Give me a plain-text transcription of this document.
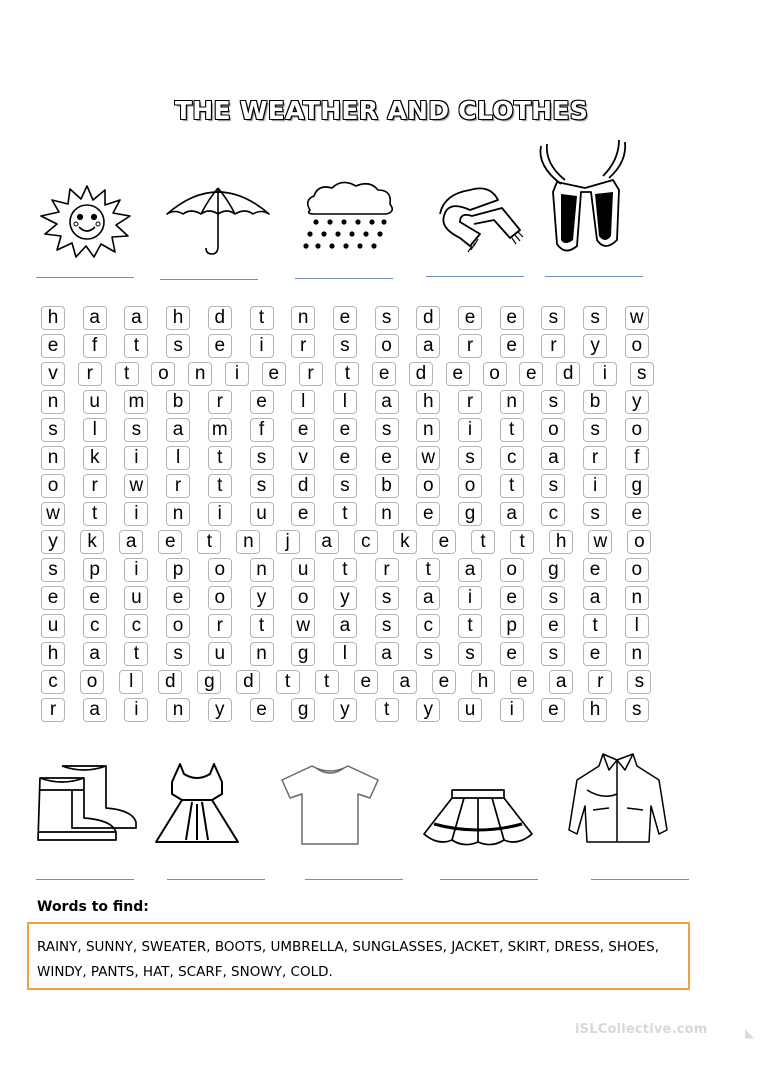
THE WEATHER AND CLOTHES
h	a	a	h	d	t	n	e	s	d	e	e	s	s	w
e	f	t	s	e	i	r	s	o	a	r	e	r	y	o
v	r	t	o	n	i	e	r	t	e	d	e	o	e	d	i	s
n	u	m	b	r	e	l	l	a	h	r	n	s	b	y
s	l	s	a	m	f	e	e	s	n	i	t	o	s	o
n	k	i	l	t	s	v	e	e	w	s	c	a	r	f
o	r	w	r	t	s	d	s	b	o	o	t	s	i	g
w	t	i	n	i	u	e	t	n	e	g	a	c	s	e
y	k	a	e	t	n	j	a	c	k	e	t	t	h	w	o
s	p	i	p	o	n	u	t	r	t	a	o	g	e	o
e	e	u	e	o	y	o	y	s	a	i	e	s	a	n
u	c	c	o	r	t	w	a	s	c	t	p	e	t	l
h	a	t	s	u	n	g	l	a	s	s	e	s	e	n
c	o	l	d	g	d	t	t	e	a	e	h	e	a	r	s
r	a	i	n	y	e	g	y	t	y	u	i	e	h	s
Words to find:
RAINY, SUNNY, SWEATER, BOOTS, UMBRELLA, SUNGLASSES, JACKET, SKIRT, DRESS, SHOES,
WINDY, PANTS, HAT, SCARF, SNOWY, COLD.
iSLCollective.com	◣
